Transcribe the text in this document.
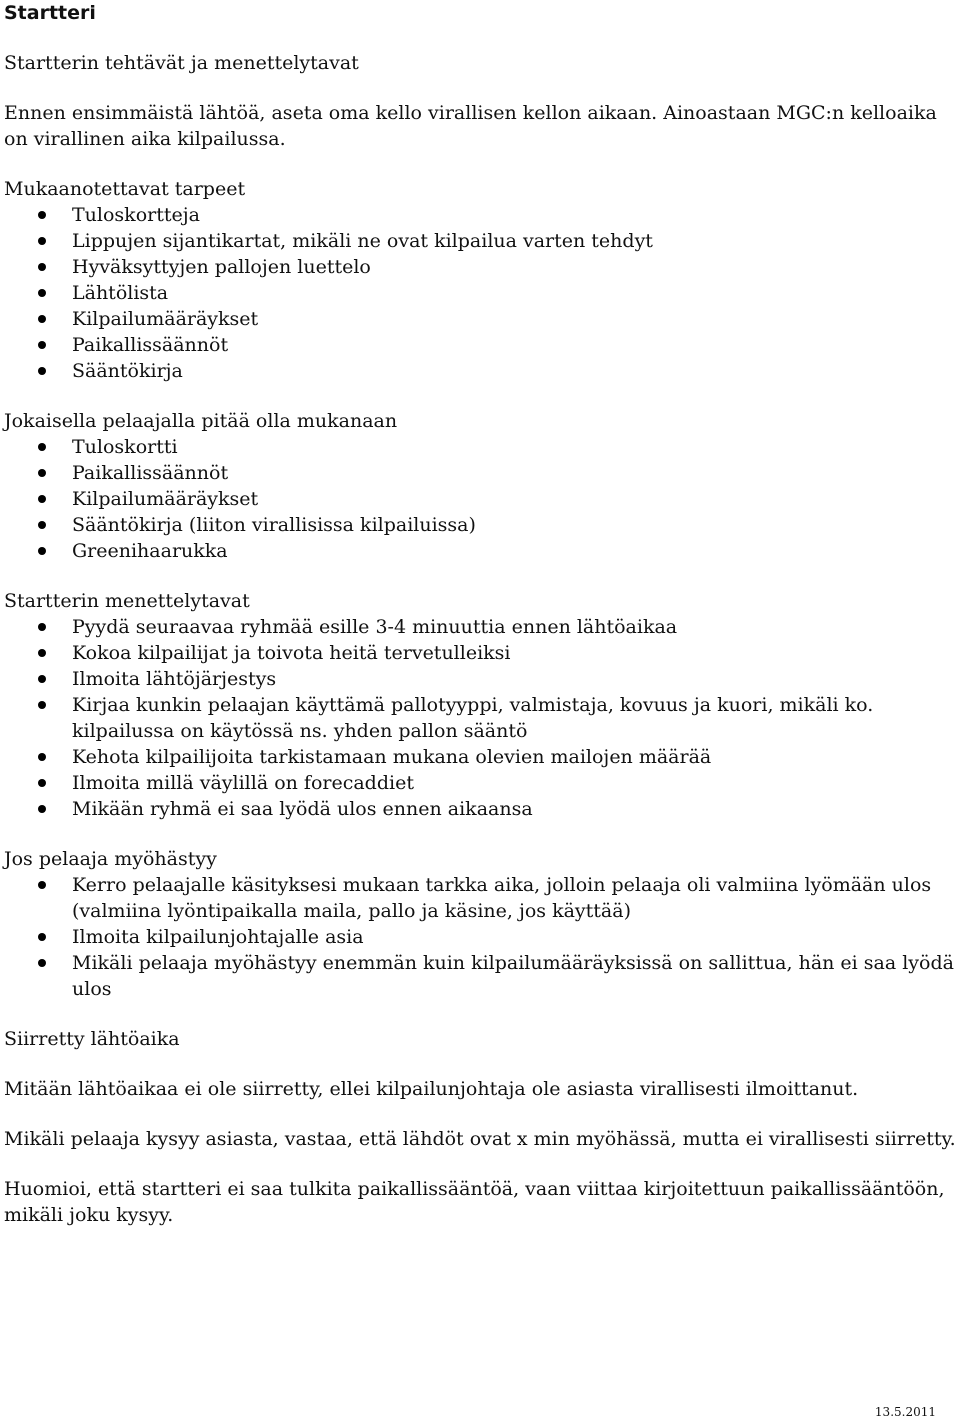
Startteri

Startterin tehtävät ja menettelytavat

Ennen ensimmäistä lähtöä, aseta oma kello virallisen kellon aikaan. Ainoastaan MGC:n kelloaika on virallinen aika kilpailussa.

Mukaanotettavat tarpeet

Tuloskortteja
Lippujen sijantikartat, mikäli ne ovat kilpailua varten tehdyt
Hyväksyttyjen pallojen luettelo
Lähtölista
Kilpailumääräykset
Paikallissäännöt
Sääntökirja

Jokaisella pelaajalla pitää olla mukanaan

Tuloskortti
Paikallissäännöt
Kilpailumääräykset
Sääntökirja (liiton virallisissa kilpailuissa)
Greenihaarukka

Startterin menettelytavat

Pyydä seuraavaa ryhmää esille 3-4 minuuttia ennen lähtöaikaa
Kokoa kilpailijat ja toivota heitä tervetulleiksi
Ilmoita lähtöjärjestys
Kirjaa kunkin pelaajan käyttämä pallotyyppi, valmistaja, kovuus ja kuori, mikäli ko. kilpailussa on käytössä ns. yhden pallon sääntö
Kehota kilpailijoita tarkistamaan mukana olevien mailojen määrää
Ilmoita millä väylillä on forecaddiet
Mikään ryhmä ei saa lyödä ulos ennen aikaansa

Jos pelaaja myöhästyy

Kerro pelaajalle käsityksesi mukaan tarkka aika, jolloin pelaaja oli valmiina lyömään ulos (valmiina lyöntipaikalla maila, pallo ja käsine, jos käyttää)
Ilmoita kilpailunjohtajalle asia
Mikäli pelaaja myöhästyy enemmän kuin kilpailumääräyksissä on sallittua, hän ei saa lyödä ulos

Siirretty lähtöaika

Mitään lähtöaikaa ei ole siirretty, ellei kilpailunjohtaja ole asiasta virallisesti ilmoittanut.

Mikäli pelaaja kysyy asiasta, vastaa, että lähdöt ovat x min myöhässä, mutta ei virallisesti siirretty.

Huomioi, että startteri ei saa tulkita paikallissääntöä, vaan viittaa kirjoitettuun paikallissääntöön, mikäli joku kysyy.

13.5.2011
